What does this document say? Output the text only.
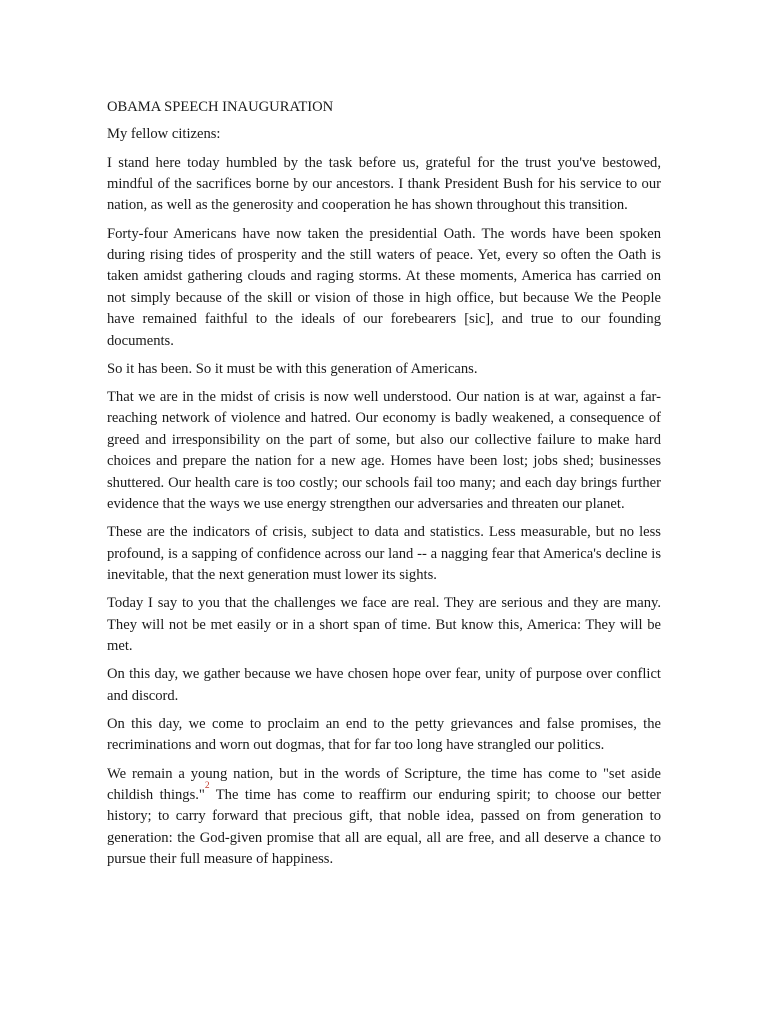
OBAMA SPEECH INAUGURATION

My fellow citizens:

I stand here today humbled by the task before us, grateful for the trust you've bestowed, mindful of the sacrifices borne by our ancestors. I thank President Bush for his service to our nation, as well as the generosity and cooperation he has shown throughout this transition.

Forty-four Americans have now taken the presidential Oath. The words have been spoken during rising tides of prosperity and the still waters of peace. Yet, every so often the Oath is taken amidst gathering clouds and raging storms. At these moments, America has carried on not simply because of the skill or vision of those in high office, but because We the People have remained faithful to the ideals of our forebearers [sic], and true to our founding documents.

So it has been. So it must be with this generation of Americans.

That we are in the midst of crisis is now well understood. Our nation is at war, against a far-reaching network of violence and hatred. Our economy is badly weakened, a consequence of greed and irresponsibility on the part of some, but also our collective failure to make hard choices and prepare the nation for a new age. Homes have been lost; jobs shed; businesses shuttered. Our health care is too costly; our schools fail too many; and each day brings further evidence that the ways we use energy strengthen our adversaries and threaten our planet.

These are the indicators of crisis, subject to data and statistics. Less measurable, but no less profound, is a sapping of confidence across our land -- a nagging fear that America's decline is inevitable, that the next generation must lower its sights.

Today I say to you that the challenges we face are real. They are serious and they are many. They will not be met easily or in a short span of time. But know this, America: They will be met.

On this day, we gather because we have chosen hope over fear, unity of purpose over conflict and discord.

On this day, we come to proclaim an end to the petty grievances and false promises, the recriminations and worn out dogmas, that for far too long have strangled our politics.

We remain a young nation, but in the words of Scripture, the time has come to "set aside childish things."$^2$ The time has come to reaffirm our enduring spirit; to choose our better history; to carry forward that precious gift, that noble idea, passed on from generation to generation: the God-given promise that all are equal, all are free, and all deserve a chance to pursue their full measure of happiness.
